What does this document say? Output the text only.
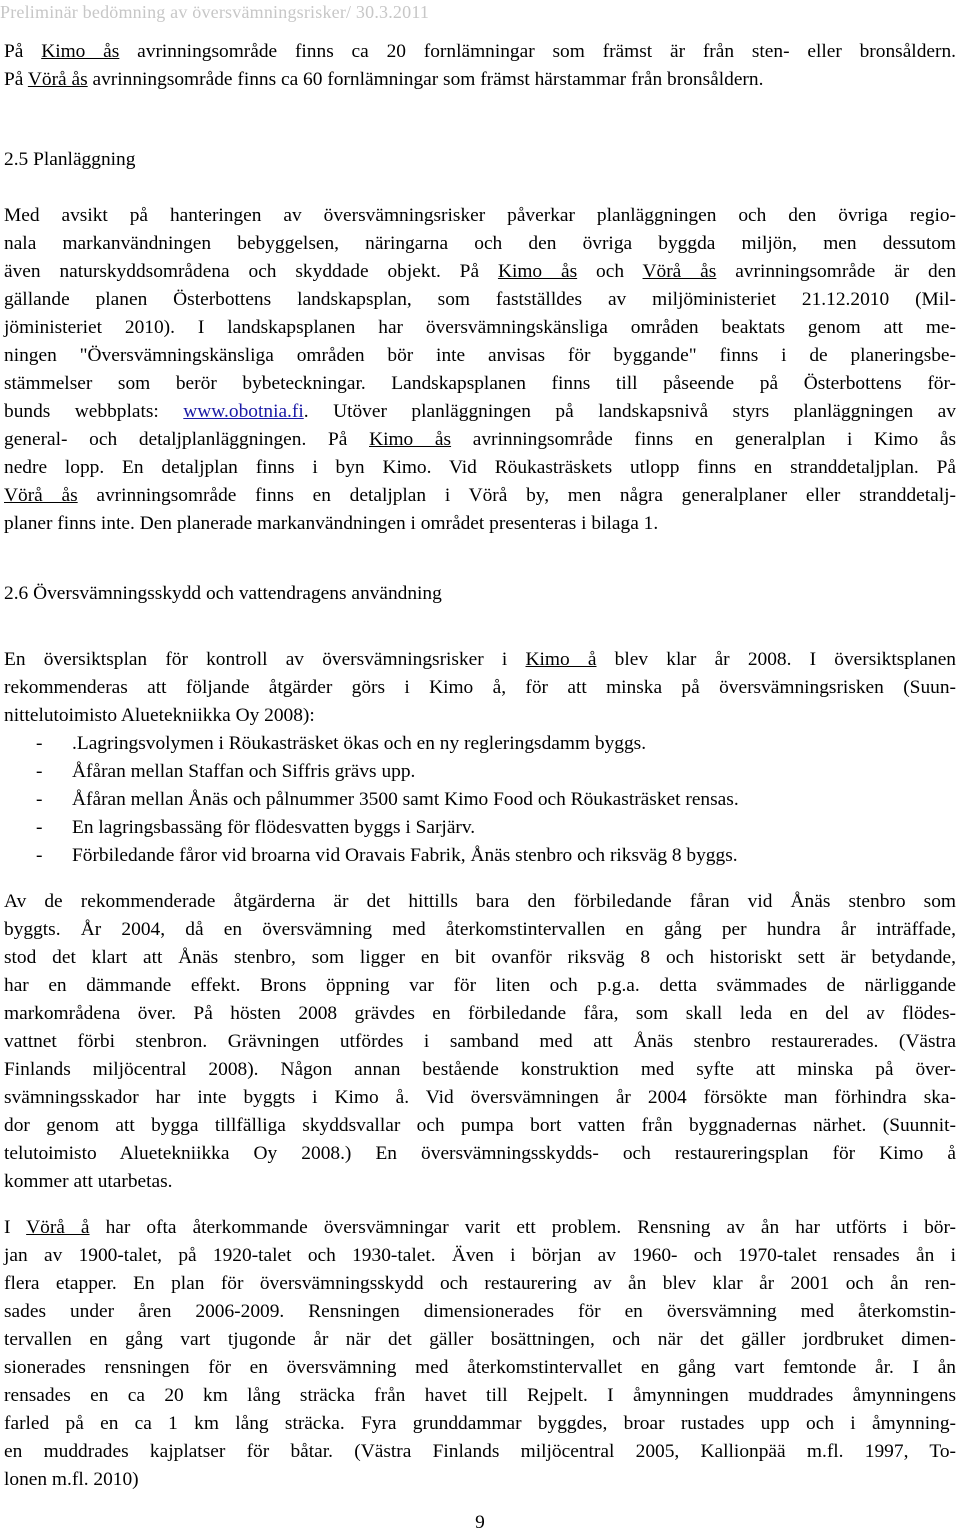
Preliminär bedömning av översvämningsrisker/ 30.3.2011
På Kimo ås avrinningsområde finns ca 20 fornlämningar som främst är från sten- eller bronsåldern.
På Vörå ås avrinningsområde finns ca 60 fornlämningar som främst härstammar från bronsåldern.
2.5 Planläggning
Med avsikt på hanteringen av översvämningsrisker påverkar planläggningen och den övriga regio-
nala markanvändningen bebyggelsen, näringarna och den övriga byggda miljön, men dessutom
även naturskyddsområdena och skyddade objekt. På Kimo ås och Vörå ås avrinningsområde är den
gällande planen Österbottens landskapsplan, som fastställdes av miljöministeriet 21.12.2010 (Mil-
jöministeriet 2010). I landskapsplanen har översvämningskänsliga områden beaktats genom att me-
ningen "Översvämningskänsliga områden bör inte anvisas för byggande" finns i de planeringsbe-
stämmelser som berör bybeteckningar. Landskapsplanen finns till påseende på Österbottens för-
bunds webbplats: www.obotnia.fi. Utöver planläggningen på landskapsnivå styrs planläggningen av
general- och detaljplanläggningen. På Kimo ås avrinningsområde finns en generalplan i Kimo ås
nedre lopp. En detaljplan finns i byn Kimo. Vid Röukasträskets utlopp finns en stranddetaljplan. På
Vörå ås avrinningsområde finns en detaljplan i Vörå by, men några generalplaner eller stranddetalj-
planer finns inte. Den planerade markanvändningen i området presenteras i bilaga 1.
2.6 Översvämningsskydd och vattendragens användning
En översiktsplan för kontroll av översvämningsrisker i Kimo å blev klar år 2008. I översiktsplanen
rekommenderas att följande åtgärder görs i Kimo å, för att minska på översvämningsrisken (Suun-
nittelutoimisto Aluetekniikka Oy 2008):
- .Lagringsvolymen i Röukasträsket ökas och en ny regleringsdamm byggs.
- Åfåran mellan Staffan och Siffris grävs upp.
- Åfåran mellan Ånäs och pålnummer 3500 samt Kimo Food och Röukasträsket rensas.
- En lagringsbassäng för flödesvatten byggs i Sarjärv.
- Förbiledande fåror vid broarna vid Oravais Fabrik, Ånäs stenbro och riksväg 8 byggs.
Av de rekommenderade åtgärderna är det hittills bara den förbiledande fåran vid Ånäs stenbro som
byggts. År 2004, då en översvämning med återkomstintervallen en gång per hundra år inträffade,
stod det klart att Ånäs stenbro, som ligger en bit ovanför riksväg 8 och historiskt sett är betydande,
har en dämmande effekt. Brons öppning var för liten och p.g.a. detta svämmades de närliggande
markområdena över. På hösten 2008 grävdes en förbiledande fåra, som skall leda en del av flödes-
vattnet förbi stenbron. Grävningen utfördes i samband med att Ånäs stenbro restaurerades. (Västra
Finlands miljöcentral 2008). Någon annan bestående konstruktion med syfte att minska på över-
svämningsskador har inte byggts i Kimo å. Vid översvämningen år 2004 försökte man förhindra ska-
dor genom att bygga tillfälliga skyddsvallar och pumpa bort vatten från byggnadernas närhet. (Suunnit-
telutoimisto Aluetekniikka Oy 2008.) En översvämningsskydds- och restaureringsplan för Kimo å
kommer att utarbetas.
I Vörå å har ofta återkommande översvämningar varit ett problem. Rensning av ån har utförts i bör-
jan av 1900-talet, på 1920-talet och 1930-talet. Även i början av 1960- och 1970-talet rensades ån i
flera etapper. En plan för översvämningsskydd och restaurering av ån blev klar år 2001 och ån ren-
sades under åren 2006-2009. Rensningen dimensionerades för en översvämning med återkomstin-
tervallen en gång vart tjugonde år när det gäller bosättningen, och när det gäller jordbruket dimen-
sionerades rensningen för en översvämning med återkomstintervallet en gång vart femtonde år. I ån
rensades en ca 20 km lång sträcka från havet till Rejpelt. I åmynningen muddrades åmynningens
farled på en ca 1 km lång sträcka. Fyra grunddammar byggdes, broar rustades upp och i åmynning-
en muddrades kajplatser för båtar. (Västra Finlands miljöcentral 2005, Kallionpää m.fl. 1997, To-
lonen m.fl. 2010)
9
